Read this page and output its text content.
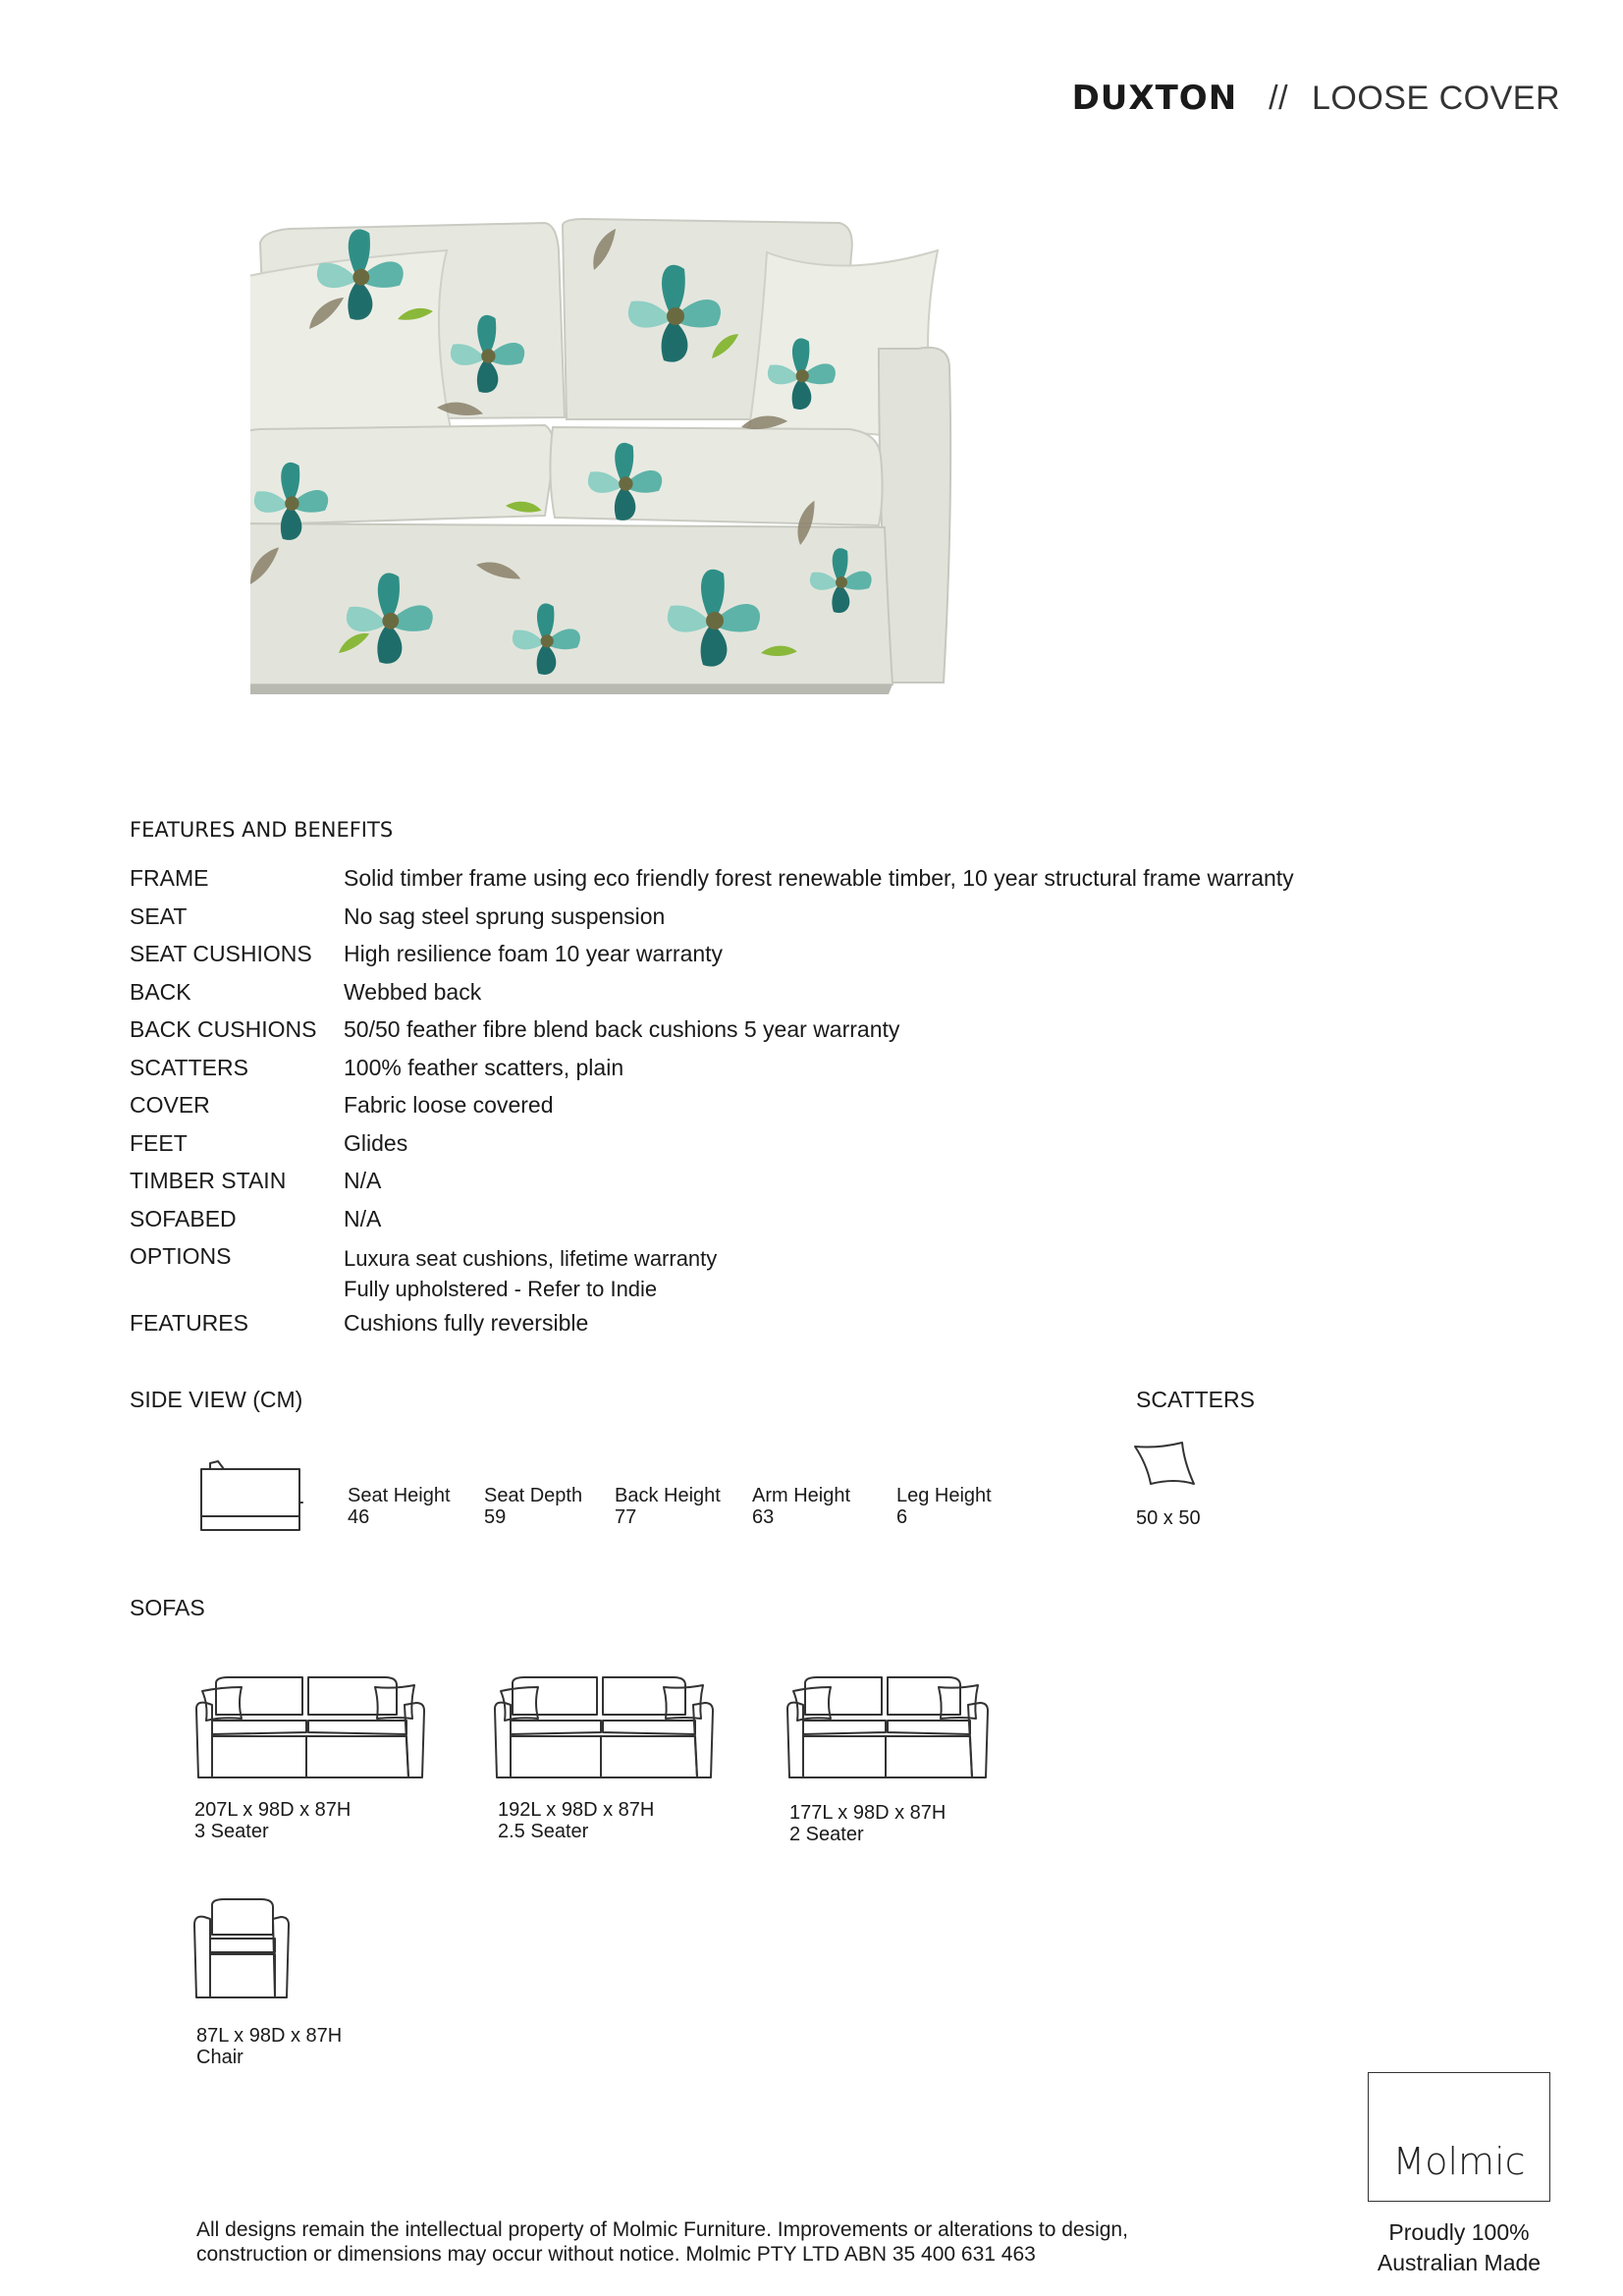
DUXTON // LOOSE COVER
FEATURES AND BENEFITS
FRAME	Solid timber frame using eco friendly forest renewable timber, 10 year structural frame warranty
SEAT	No sag steel sprung suspension
SEAT CUSHIONS	High resilience foam 10 year warranty
BACK	Webbed back
BACK CUSHIONS	50/50 feather fibre blend back cushions 5 year warranty
SCATTERS	100% feather scatters, plain
COVER	Fabric loose covered
FEET	Glides
TIMBER STAIN	N/A
SOFABED	N/A
OPTIONS	Luxura seat cushions, lifetime warranty
Fully upholstered - Refer to Indie

FEATURES	Cushions fully reversible
SIDE VIEW (CM)
Seat Height
46
Seat Depth
59
Back Height
77
Arm Height
63
Leg Height
6
SCATTERS
50 x 50
SOFAS
207L x 98D x 87H
3 Seater
192L x 98D x 87H
2.5 Seater
177L x 98D x 87H
2 Seater
87L x 98D x 87H
Chair
Molmic
Proudly 100%
Australian Made
All designs remain the intellectual property of Molmic Furniture. Improvements or alterations to design,
construction or dimensions may occur without notice. Molmic PTY LTD ABN 35 400 631 463
